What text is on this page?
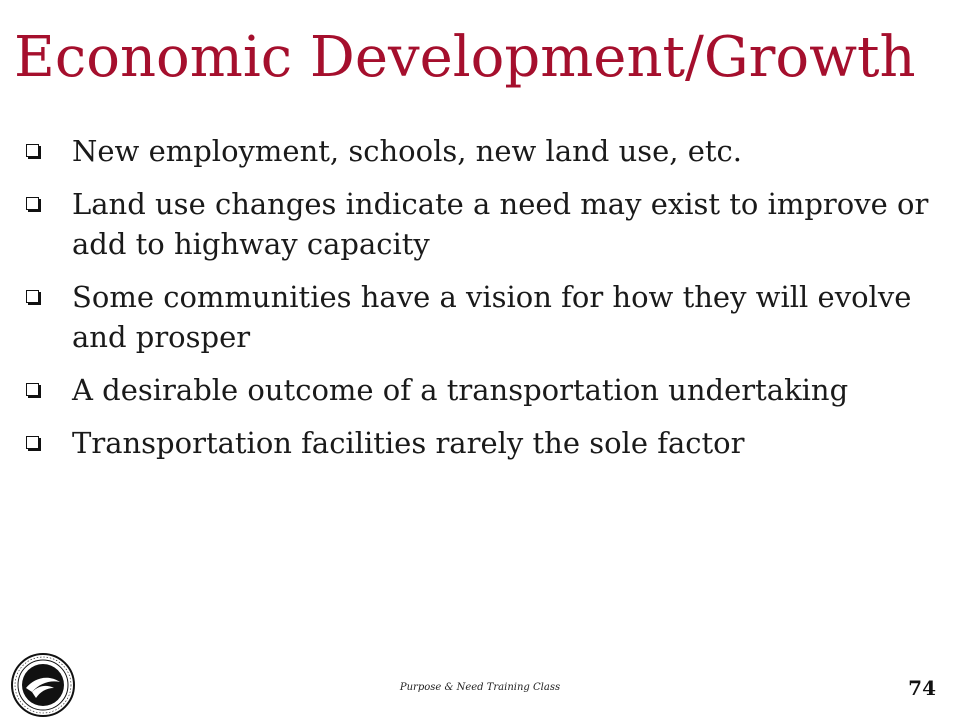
Economic Development/Growth
New employment, schools, new land use, etc.
Land use changes indicate a need may exist to improve or add to highway capacity
Some communities have a vision for how they will evolve and prosper
A desirable outcome of a transportation undertaking
Transportation facilities rarely the sole factor
Purpose & Need Training Class	74
